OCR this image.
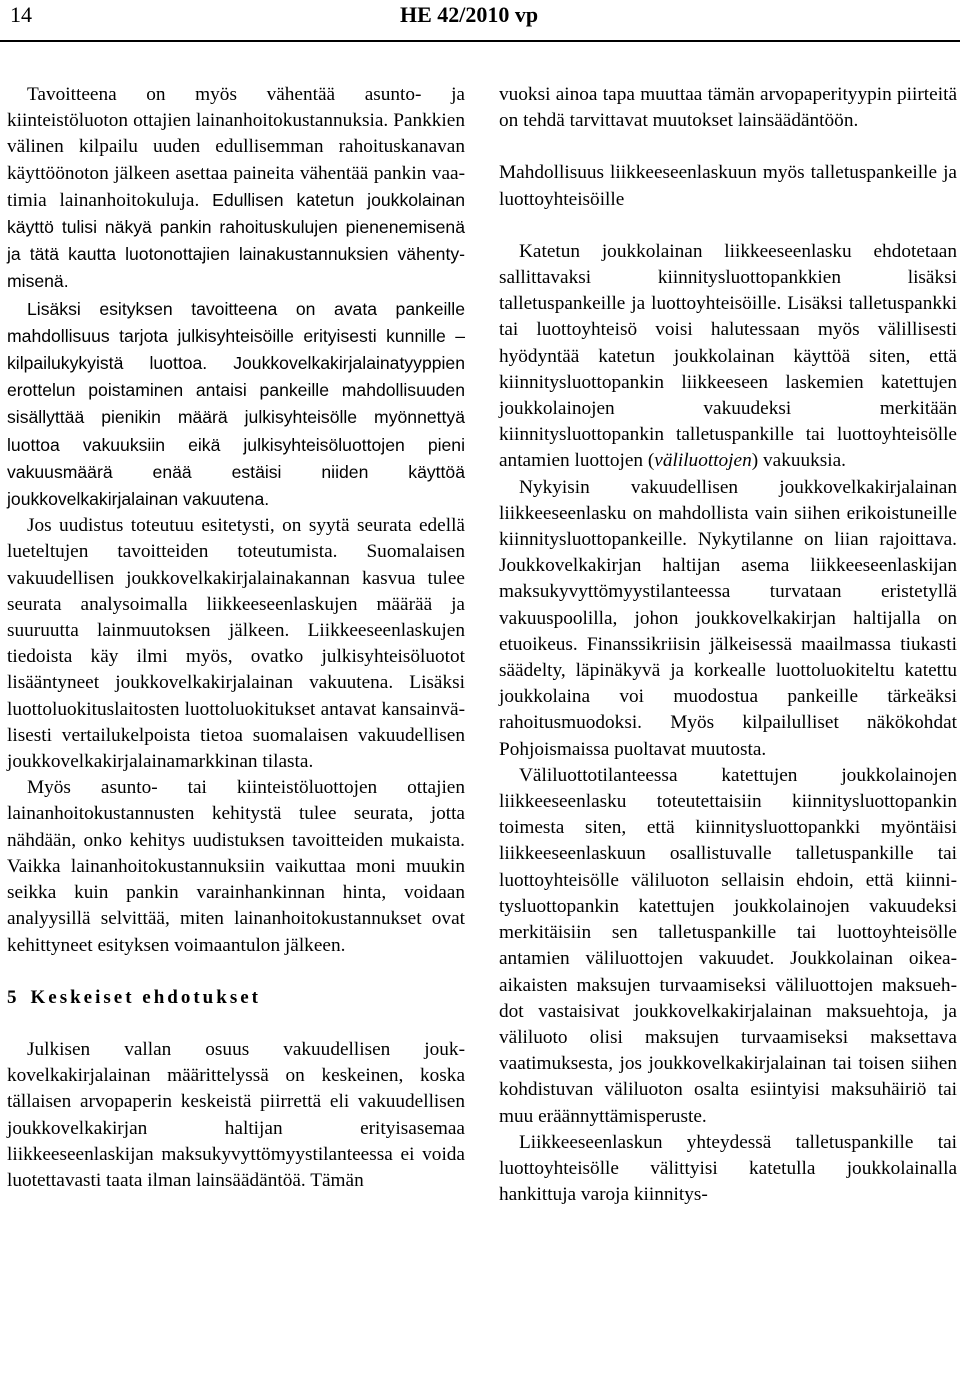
14	HE 42/2010 vp

Tavoitteena on myös vähentää asunto- ja kiinteistöluoton ottajien lainanhoitokustannuksia. Pankkien välinen kilpailu uuden edullisemman rahoituskanavan käyttöönoton jälkeen asettaa paineita vähentää pankin vaatimia lainanhoitokuluja. Edullisen katetun joukkolainan käyttö tulisi näkyä pankin rahoituskulujen pienenemisenä ja tätä kautta luotonottajien lainakustannuksien vähentymisenä.

Lisäksi esityksen tavoitteena on avata pankeille mahdollisuus tarjota julkisyhteisöille erityisesti kunnille – kilpailukykyistä luottoa. Joukkovelkakirjalainatyyppien erottelun poistaminen antaisi pankeille mahdollisuuden sisällyttää pienikin määrä julkisyhteisölle myönnettyä luottoa vakuuksiin eikä julkisyhteisöluottojen pieni vakuusmäärä enää estäisi niiden käyttöä joukkovelkakirjalainan vakuutena.

Jos uudistus toteutuu esitetysti, on syytä seurata edellä lueteltujen tavoitteiden toteutumista. Suomalaisen vakuudellisen joukkovelkakirjalainakannan kasvua tulee seurata analysoimalla liikkeeseenlaskujen määrää ja suuruutta lainmuutoksen jälkeen. Liikkeeseenlaskujen tiedoista käy ilmi myös, ovatko julkisyhteisöluotot lisääntyneet joukkovelkakirjalainan vakuutena. Lisäksi luottoluokituslaitosten luottoluokitukset antavat kansainvälisesti vertailukelpoista tietoa suomalaisen vakuudellisen joukkovelkakirjalainamarkkinan tilasta.

Myös asunto- tai kiinteistöluottojen ottajien lainanhoitokustannusten kehitystä tulee seurata, jotta nähdään, onko kehitys uudistuksen tavoitteiden mukaista. Vaikka lainanhoitokustannuksiin vaikuttaa moni muukin seikka kuin pankin varainhankinnan hinta, voidaan analyysillä selvittää, miten lainanhoitokustannukset ovat kehittyneet esityksen voimaantulon jälkeen.

5 Keskeiset ehdotukset

Julkisen vallan osuus vakuudellisen joukkovelkakirjalainan määrittelyssä on keskeinen, koska tällaisen arvopaperin keskeistä piirrettä eli vakuudellisen joukkovelkakirjan haltijan erityisasemaa liikkeeseenlaskijan maksukyvyttömyystilanteessa ei voida luotettavasti taata ilman lainsäädäntöä. Tämän

vuoksi ainoa tapa muuttaa tämän arvopaperityypin piirteitä on tehdä tarvittavat muutokset lainsäädäntöön.

Mahdollisuus liikkeeseenlaskuun myös talletuspankeille ja luottoyhteisöille

Katetun joukkolainan liikkeeseenlasku ehdotetaan sallittavaksi kiinnitysluottopankkien lisäksi talletuspankeille ja luottoyhteisöille. Lisäksi talletuspankki tai luottoyhteisö voisi halutessaan myös välillisesti hyödyntää katetun joukkolainan käyttöä siten, että kiinnitysluottopankin liikkeeseen laskemien katettujen joukkolainojen vakuudeksi merkitään kiinnitysluottopankin talletuspankille tai luottoyhteisölle antamien luottojen (väliluottojen) vakuuksia.

Nykyisin vakuudellisen joukkovelkakirjalainan liikkeeseenlasku on mahdollista vain siihen erikoistuneille kiinnitysluottopankeille. Nykytilanne on liian rajoittava. Joukkovelkakirjan haltijan asema liikkeeseenlaskijan maksukyvyttömyystilanteessa turvataan eristetyllä vakuuspoolilla, johon joukkovelkakirjan haltijalla on etuoikeus. Finanssikriisin jälkeisessä maailmassa tiukasti säädelty, läpinäkyvä ja korkealle luottoluokiteltu katettu joukkolaina voi muodostua pankeille tärkeäksi rahoitusmuodoksi. Myös kilpailulliset näkökohdat Pohjoismaissa puoltavat muutosta.

Väliluottotilanteessa katettujen joukkolainojen liikkeeseenlasku toteutettaisiin kiinnitysluottopankin toimesta siten, että kiinnitysluottopankki myöntäisi liikkeeseenlaskuun osallistuvalle talletuspankille tai luottoyhteisölle väliluoton sellaisin ehdoin, että kiinnitysluottopankin katettujen joukkolainojen vakuudeksi merkitäisiin sen talletuspankille tai luottoyhteisölle antamien väliluottojen vakuudet. Joukkolainan oikea-aikaisten maksujen turvaamiseksi väliluottojen maksuehdot vastaisivat joukkovelkakirjalainan maksuehtoja, ja väliluoto olisi maksujen turvaamiseksi maksettava vaatimuksesta, jos joukkovelkakirjalainan tai toisen siihen kohdistuvan väliluoton osalta esiintyisi maksuhäiriö tai muu eräännyttämisperuste.

Liikkeeseenlaskun yhteydessä talletuspankille tai luottoyhteisölle välittyisi katetulla joukkolainalla hankittuja varoja kiinnitys-
